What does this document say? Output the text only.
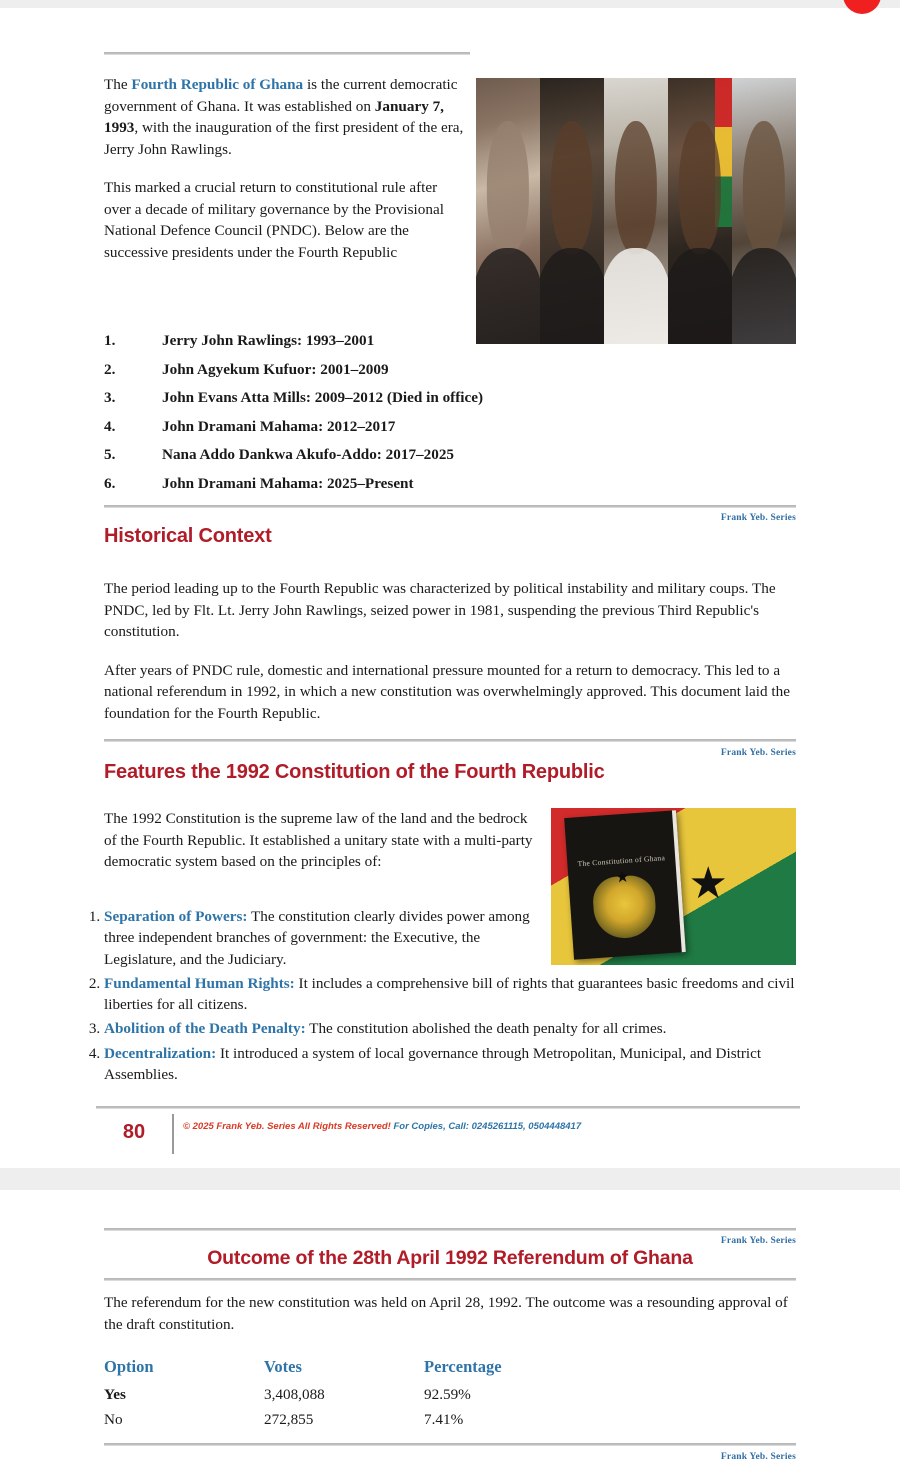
The Fourth Republic of Ghana is the current democratic government of Ghana. It was established on January 7, 1993, with the inauguration of the first president of the era, Jerry John Rawlings.

This marked a crucial return to constitutional rule after over a decade of military governance by the Provisional National Defence Council (PNDC). Below are the successive presidents under the Fourth Republic

1.	Jerry John Rawlings: 1993–2001
2.	John Agyekum Kufuor: 2001–2009
3.	John Evans Atta Mills: 2009–2012 (Died in office)
4.	John Dramani Mahama: 2012–2017
5.	Nana Addo Dankwa Akufo-Addo: 2017–2025
6.	John Dramani Mahama: 2025–Present
Frank Yeb. Series
Historical Context

The period leading up to the Fourth Republic was characterized by political instability and military coups. The PNDC, led by Flt. Lt. Jerry John Rawlings, seized power in 1981, suspending the previous Third Republic's constitution.

After years of PNDC rule, domestic and international pressure mounted for a return to democracy. This led to a national referendum in 1992, in which a new constitution was overwhelmingly approved. This document laid the foundation for the Fourth Republic.

Frank Yeb. Series
Features the 1992 Constitution of the Fourth Republic

The 1992 Constitution is the supreme law of the land and the bedrock of the Fourth Republic. It established a unitary state with a multi-party democratic system based on the principles of:	★
The Constitution of Ghana
★
1. Separation of Powers: The constitution clearly divides power among three independent branches of government: the Executive, the Legislature, and the Judiciary.
2. Fundamental Human Rights: It includes a comprehensive bill of rights that guarantees basic freedoms and civil liberties for all citizens.
3. Abolition of the Death Penalty: The constitution abolished the death penalty for all crimes.
4. Decentralization: It introduced a system of local governance through Metropolitan, Municipal, and District Assemblies.
80	© 2025 Frank Yeb. Series All Rights Reserved! For Copies, Call: 0245261115, 0504448417
Frank Yeb. Series
Outcome of the 28th April 1992 Referendum of Ghana

The referendum for the new constitution was held on April 28, 1992. The outcome was a resounding approval of the draft constitution.

Option	Votes	Percentage
Yes	3,408,088	92.59%
No	272,855	7.41%
Frank Yeb. Series
